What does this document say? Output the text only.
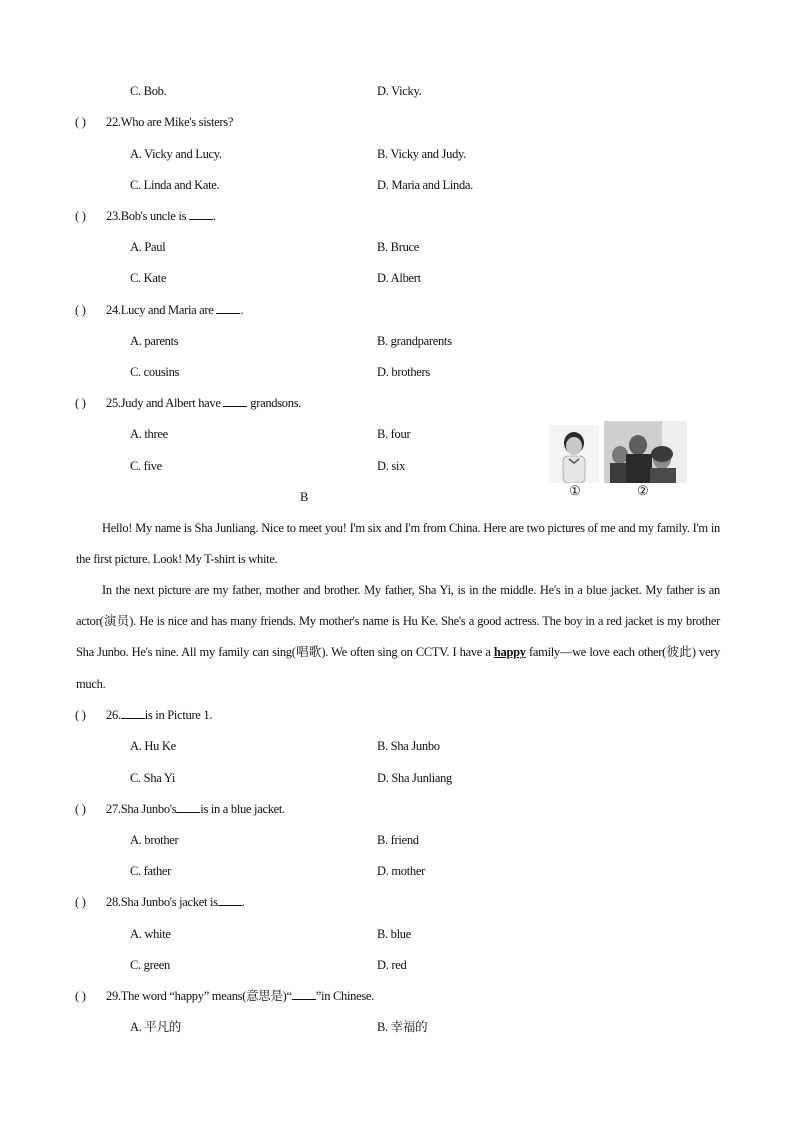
C. Bob.	D. Vicky.
( ) 22.Who are Mike's sisters?
A. Vicky and Lucy.	B. Vicky and Judy.
C. Linda and Kate.	D. Maria and Linda.
( ) 23.Bob's uncle is .
A. Paul	B. Bruce
C. Kate	D. Albert
( ) 24.Lucy and Maria are .
A. parents	B. grandparents
C. cousins	D. brothers
( ) 25.Judy and Albert have  grandsons.
A. three	B. four
C. five	D. six
①	②
B
Hello! My name is Sha Junliang. Nice to meet you! I'm six and I'm from China. Here are two pictures of me and my family. I'm in the first picture. Look! My T-shirt is white.
In the next picture are my father, mother and brother. My father, Sha Yi, is in the middle. He's in a blue jacket. My father is an actor(演员). He is nice and has many friends. My mother's name is Hu Ke. She's a good actress. The boy in a red jacket is my brother Sha Junbo. He's nine. All my family can sing(唱歌). We often sing on CCTV. I have a happy family—we love each other(彼此) very much.
( ) 26. is in Picture 1.
A. Hu Ke	B. Sha Junbo
C. Sha Yi	D. Sha Junliang
( ) 27.Sha Junbo's is in a blue jacket.
A. brother	B. friend
C. father	D. mother
( ) 28.Sha Junbo's jacket is .
A. white	B. blue
C. green	D. red
( ) 29.The word “happy” means(意思是)“ ”in Chinese.
A. 平凡的	B. 幸福的
